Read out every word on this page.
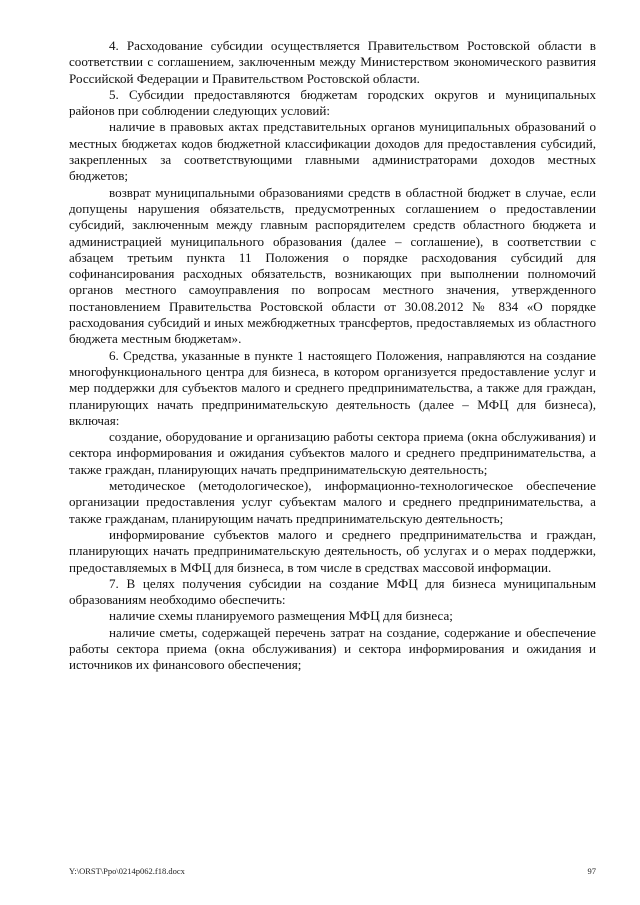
4. Расходование субсидии осуществляется Правительством Ростовской области в соответствии с соглашением, заключенным между Министерством экономического развития Российской Федерации и Правительством Ростовской области.

5. Субсидии предоставляются бюджетам городских округов и муниципальных районов при соблюдении следующих условий:

наличие в правовых актах представительных органов муниципальных образований о местных бюджетах кодов бюджетной классификации доходов для предоставления субсидий, закрепленных за соответствующими главными администраторами доходов местных бюджетов;

возврат муниципальными образованиями средств в областной бюджет в случае, если допущены нарушения обязательств, предусмотренных соглашением о предоставлении субсидий, заключенным между главным распорядителем средств областного бюджета и администрацией муниципального образования (далее – соглашение), в соответствии с абзацем третьим пункта 11 Положения о порядке расходования субсидий для софинансирования расходных обязательств, возникающих при выполнении полномочий органов местного самоуправления по вопросам местного значения, утвержденного постановлением Правительства Ростовской области от 30.08.2012 № 834 «О порядке расходования субсидий и иных межбюджетных трансфертов, предоставляемых из областного бюджета местным бюджетам».

6. Средства, указанные в пункте 1 настоящего Положения, направляются на создание многофункционального центра для бизнеса, в котором организуется предоставление услуг и мер поддержки для субъектов малого и среднего предпринимательства, а также для граждан, планирующих начать предпринимательскую деятельность (далее – МФЦ для бизнеса), включая:

создание, оборудование и организацию работы сектора приема (окна обслуживания) и сектора информирования и ожидания субъектов малого и среднего предпринимательства, а также граждан, планирующих начать предпринимательскую деятельность;

методическое (методологическое), информационно-технологическое обеспечение организации предоставления услуг субъектам малого и среднего предпринимательства, а также гражданам, планирующим начать предпринимательскую деятельность;

информирование субъектов малого и среднего предпринимательства и граждан, планирующих начать предпринимательскую деятельность, об услугах и о мерах поддержки, предоставляемых в МФЦ для бизнеса, в том числе в средствах массовой информации.

7. В целях получения субсидии на создание МФЦ для бизнеса муниципальным образованиям необходимо обеспечить:

наличие схемы планируемого размещения МФЦ для бизнеса;

наличие сметы, содержащей перечень затрат на создание, содержание и обеспечение работы сектора приема (окна обслуживания) и сектора информирования и ожидания и источников их финансового обеспечения;

Y:\ORST\Ppo\0214p062.f18.docx	97
